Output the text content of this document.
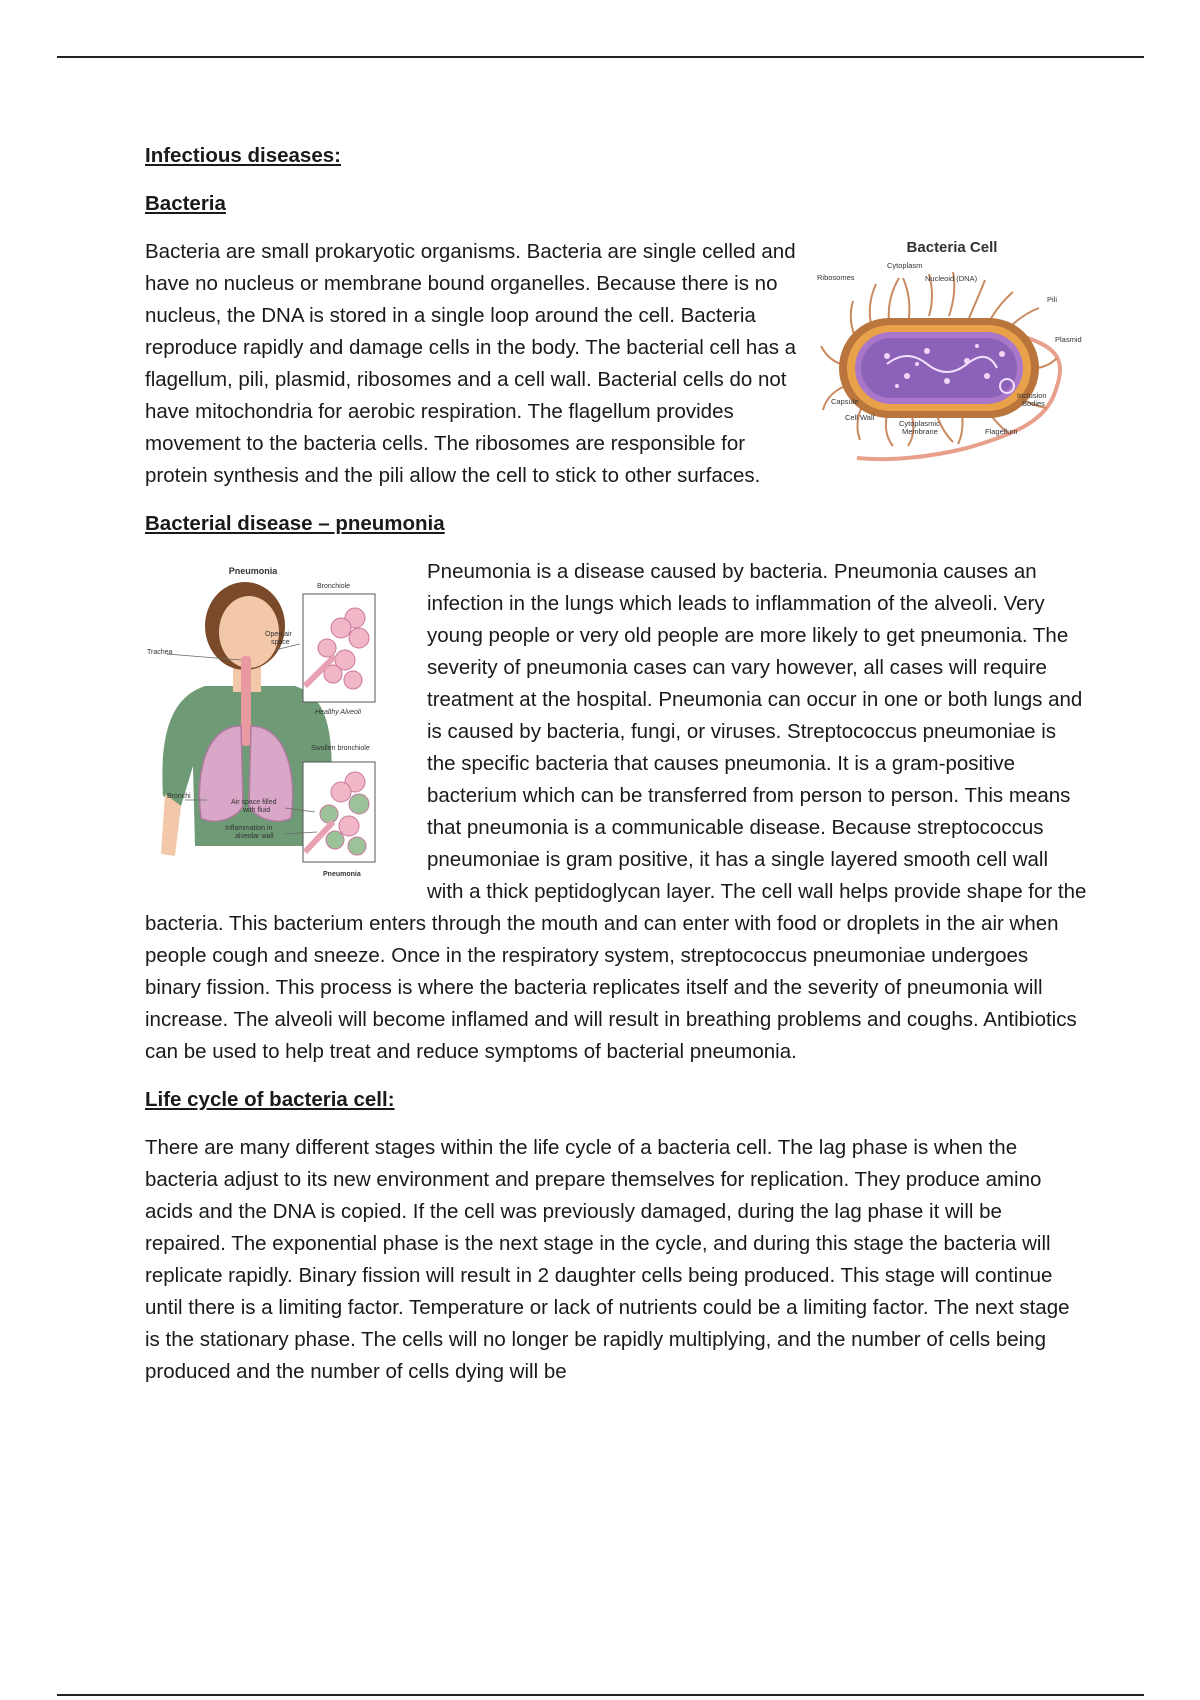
Infectious diseases:
Bacteria
Bacteria Cell
Cytoplasm
Nucleoid (DNA)
Ribosomes
Pili
Plasmid
Capsule
Cell Wall
Cytoplasmic
Membrane
Inclusion
Bodies
Flagellum

Bacteria are small prokaryotic organisms. Bacteria are single celled and have no nucleus or membrane bound organelles. Because there is no nucleus, the DNA is stored in a single loop around the cell. Bacteria reproduce rapidly and damage cells in the body. The bacterial cell has a flagellum, pili, plasmid, ribosomes and a cell wall. Bacterial cells do not have mitochondria for aerobic respiration. The flagellum provides movement to the bacteria cells. The ribosomes are responsible for protein synthesis and the pili allow the cell to stick to other surfaces.

Bacterial disease – pneumonia
Pneumonia
Bronchiole
Open air
space
Trachea
Healthy Alveoli
Swollen bronchiole
Bronchi
Air space filled
with fluid
Inflammation in
alveolar wall
Pneumonia

Pneumonia is a disease caused by bacteria. Pneumonia causes an infection in the lungs which leads to inflammation of the alveoli. Very young people or very old people are more likely to get pneumonia. The severity of pneumonia cases can vary however, all cases will require treatment at the hospital. Pneumonia can occur in one or both lungs and is caused by bacteria, fungi, or viruses. Streptococcus pneumoniae is the specific bacteria that causes pneumonia. It is a gram-positive bacterium which can be transferred from person to person. This means that pneumonia is a communicable disease. Because streptococcus pneumoniae is gram positive, it has a single layered smooth cell wall with a thick peptidoglycan layer. The cell wall helps provide shape for the bacteria. This bacterium enters through the mouth and can enter with food or droplets in the air when people cough and sneeze. Once in the respiratory system, streptococcus pneumoniae undergoes binary fission. This process is where the bacteria replicates itself and the severity of pneumonia will increase. The alveoli will become inflamed and will result in breathing problems and coughs. Antibiotics can be used to help treat and reduce symptoms of bacterial pneumonia.

Life cycle of bacteria cell:

There are many different stages within the life cycle of a bacteria cell. The lag phase is when the bacteria adjust to its new environment and prepare themselves for replication. They produce amino acids and the DNA is copied. If the cell was previously damaged, during the lag phase it will be repaired. The exponential phase is the next stage in the cycle, and during this stage the bacteria will replicate rapidly. Binary fission will result in 2 daughter cells being produced. This stage will continue until there is a limiting factor. Temperature or lack of nutrients could be a limiting factor. The next stage is the stationary phase. The cells will no longer be rapidly multiplying, and the number of cells being produced and the number of cells dying will be
